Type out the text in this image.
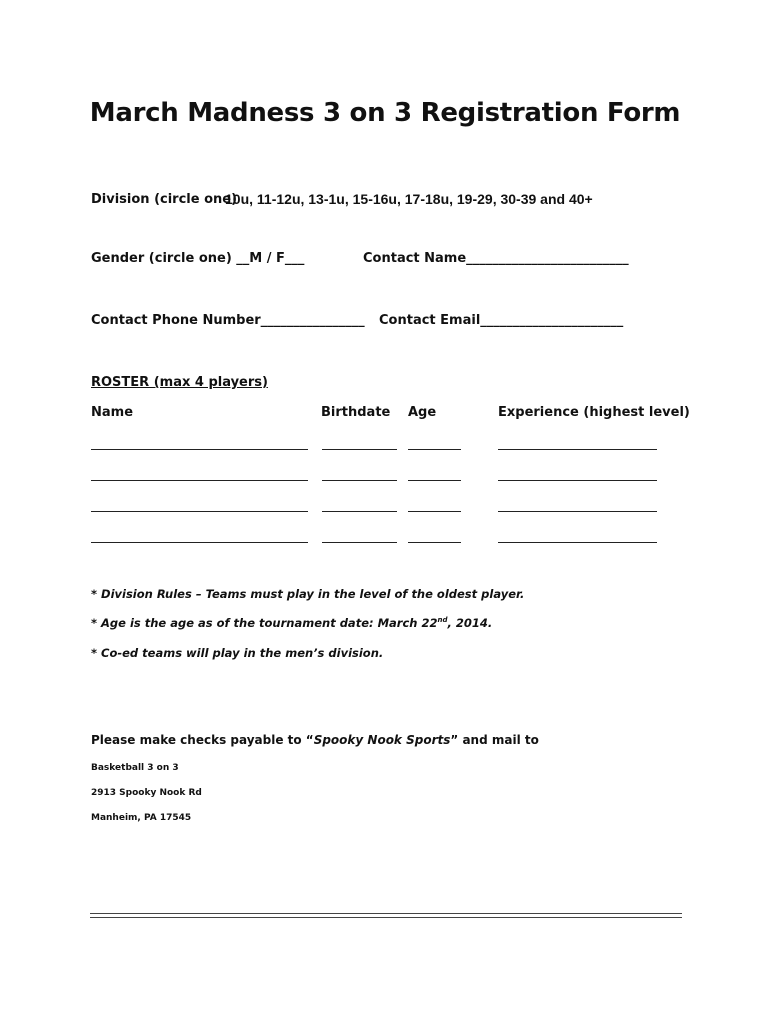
March Madness 3 on 3 Registration Form
Division (circle one)
10u, 11-12u, 13-1u, 15-16u, 17-18u, 19-29, 30-39 and 40+
Gender (circle one) __M / F___	Contact Name_________________________
Contact Phone Number________________ Contact Email______________________
ROSTER (max 4 players)
Name	Birthdate Age	Experience (highest level)
* Division Rules – Teams must play in the level of the oldest player.
* Age is the age as of the tournament date: March 22nd, 2014.
* Co-ed teams will play in the men’s division.
Please make checks payable to “Spooky Nook Sports” and mail to
Basketball 3 on 3
2913 Spooky Nook Rd
Manheim, PA 17545
